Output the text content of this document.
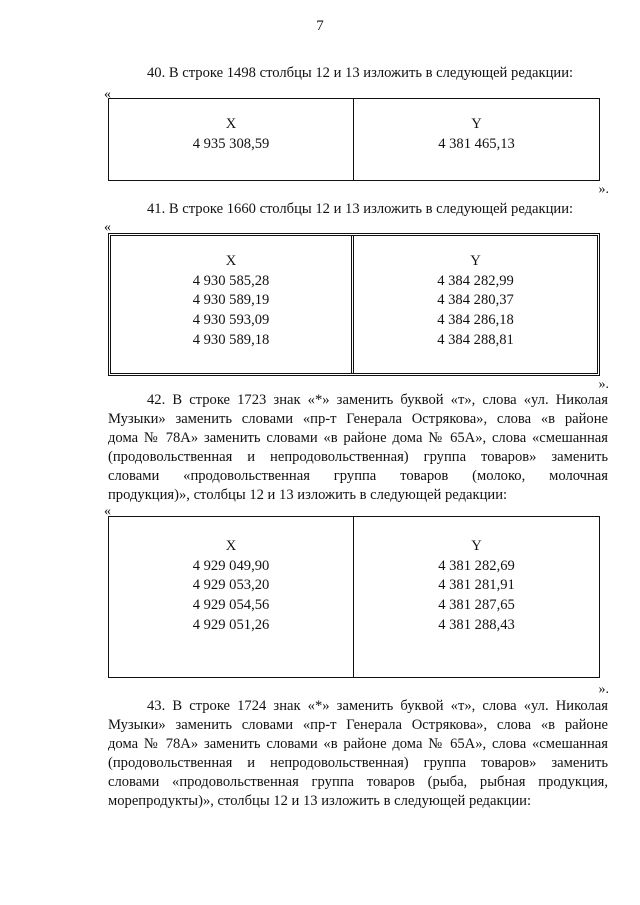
7
40. В строке 1498 столбцы 12 и 13 изложить в следующей редакции:
«
X
4 935 308,59
Y
4 381 465,13
».
41. В строке 1660 столбцы 12 и 13 изложить в следующей редакции:
«
X
4 930 585,28
4 930 589,19
4 930 593,09
4 930 589,18
Y
4 384 282,99
4 384 280,37
4 384 286,18
4 384 288,81
».
42. В строке 1723 знак «*» заменить буквой «т», слова «ул. Николая
Музыки» заменить словами «пр-т Генерала Острякова», слова «в районе
дома № 78А» заменить словами «в районе дома № 65А», слова «смешанная
(продовольственная и непродовольственная) группа товаров» заменить
словами «продовольственная группа товаров (молоко, молочная
продукция)», столбцы 12 и 13 изложить в следующей редакции:
«
X
4 929 049,90
4 929 053,20
4 929 054,56
4 929 051,26
Y
4 381 282,69
4 381 281,91
4 381 287,65
4 381 288,43
».
43. В строке 1724 знак «*» заменить буквой «т», слова «ул. Николая
Музыки» заменить словами «пр-т Генерала Острякова», слова «в районе
дома № 78А» заменить словами «в районе дома № 65А», слова «смешанная
(продовольственная и непродовольственная) группа товаров» заменить
словами «продовольственная группа товаров (рыба, рыбная продукция,
морепродукты)», столбцы 12 и 13 изложить в следующей редакции:
